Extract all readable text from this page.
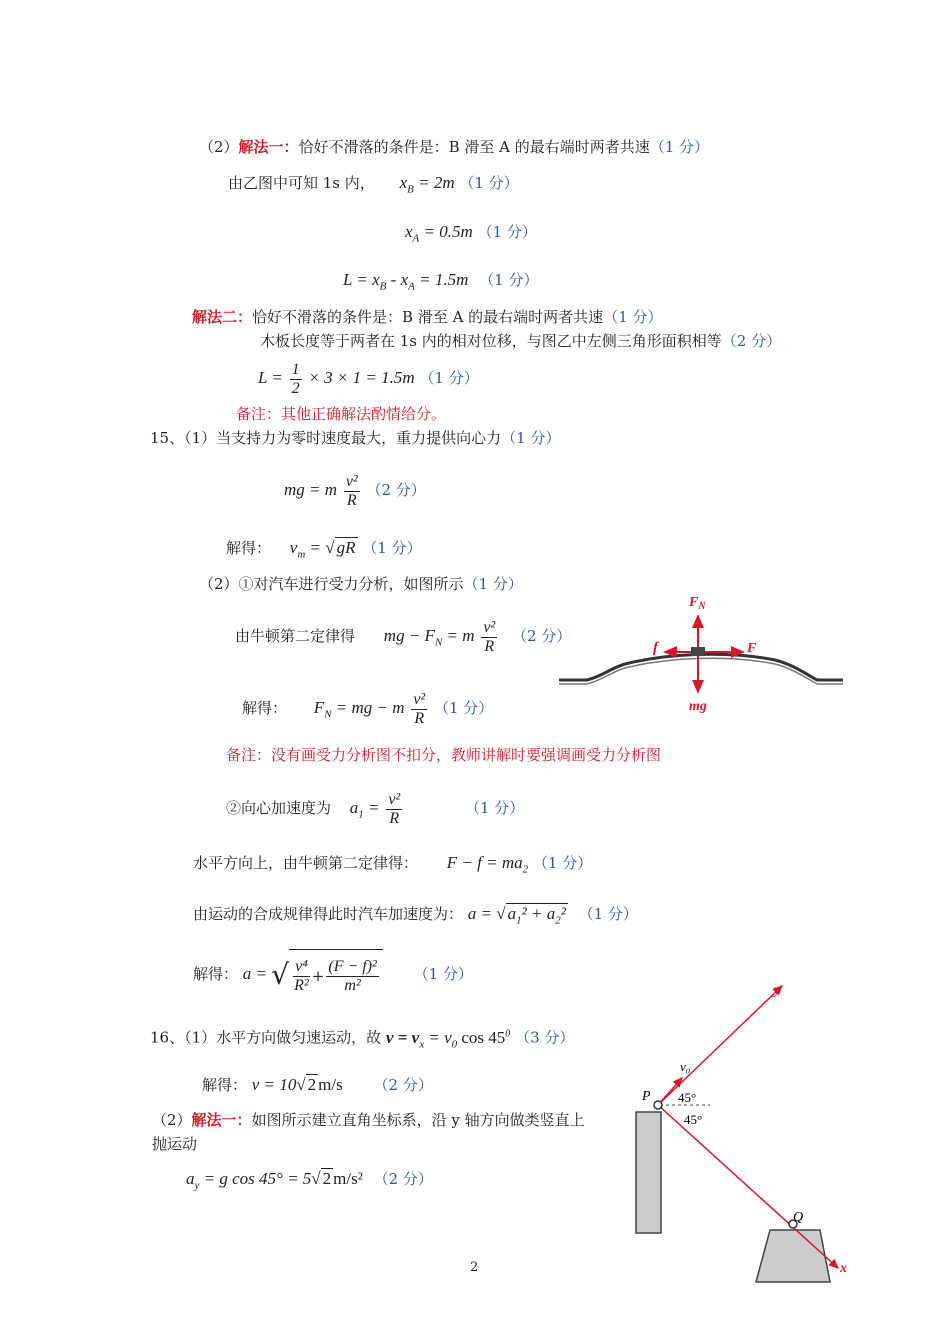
（2）解法一：恰好不滑落的条件是：B 滑至 A 的最右端时两者共速（1 分）
由乙图中可知 1s 内， $x_B = 2m$ （1 分）
$x_A = 0.5m$ （1 分）
$L = x_B - x_A = 1.5m$ （1 分）
解法二：恰好不滑落的条件是：B 滑至 A 的最右端时两者共速（1 分）
木板长度等于两者在 1s 内的相对位移，与图乙中左侧三角形面积相等（2 分）
$L = \frac{1}{2} \times 3 \times 1 = 1.5m$ （1 分）
备注：其他正确解法酌情给分。
15、（1）当支持力为零时速度最大，重力提供向心力（1 分）
mg = m $\frac{\text{v²}}{R} (2$ 分）
解得： $v_m$ = √ gR （1 分）
（2）①对汽车进行受力分析，如图所示（1 分）
由牛顿第二定律得 mg − $F_N = m \frac{\text{v²}}{R} (2$ 分）
解得： $F_N$ = mg − m $\frac{\text{v²}}{R} (1$ 分）
$F_N$
f	F
mg
备注：没有画受力分析图不扣分，教师讲解时要强调画受力分析图
②向心加速度为 $a_1 = \frac{\text{v²}}{R}$	（1 分）
水平方向上，由牛顿第二定律得： $F - f = ma_2$ （1 分）
由运动的合成规律得此时汽车加速度为： a = √ $a_1^2 + a_2^2$ （1 分）
解得： a = √ $\frac{\text{v⁴}}{\text{R²}} + \frac{\text{(F − f)²}}{\text{m²}} (1$ 分）
16、（1）水平方向做匀速运动，故 $v = v_x = v_0$ $\cos 45^0$ （3 分）
解得： v = 10√ 2 m/s （2 分）
（2）解法一：如图所示建立直角坐标系，沿 y 轴方向做类竖直上
抛运动
$a_y = g$ cos 45° = 5√ 2 m/s² （2 分）
y
x
v₀
P
Q
45°
45°
2
